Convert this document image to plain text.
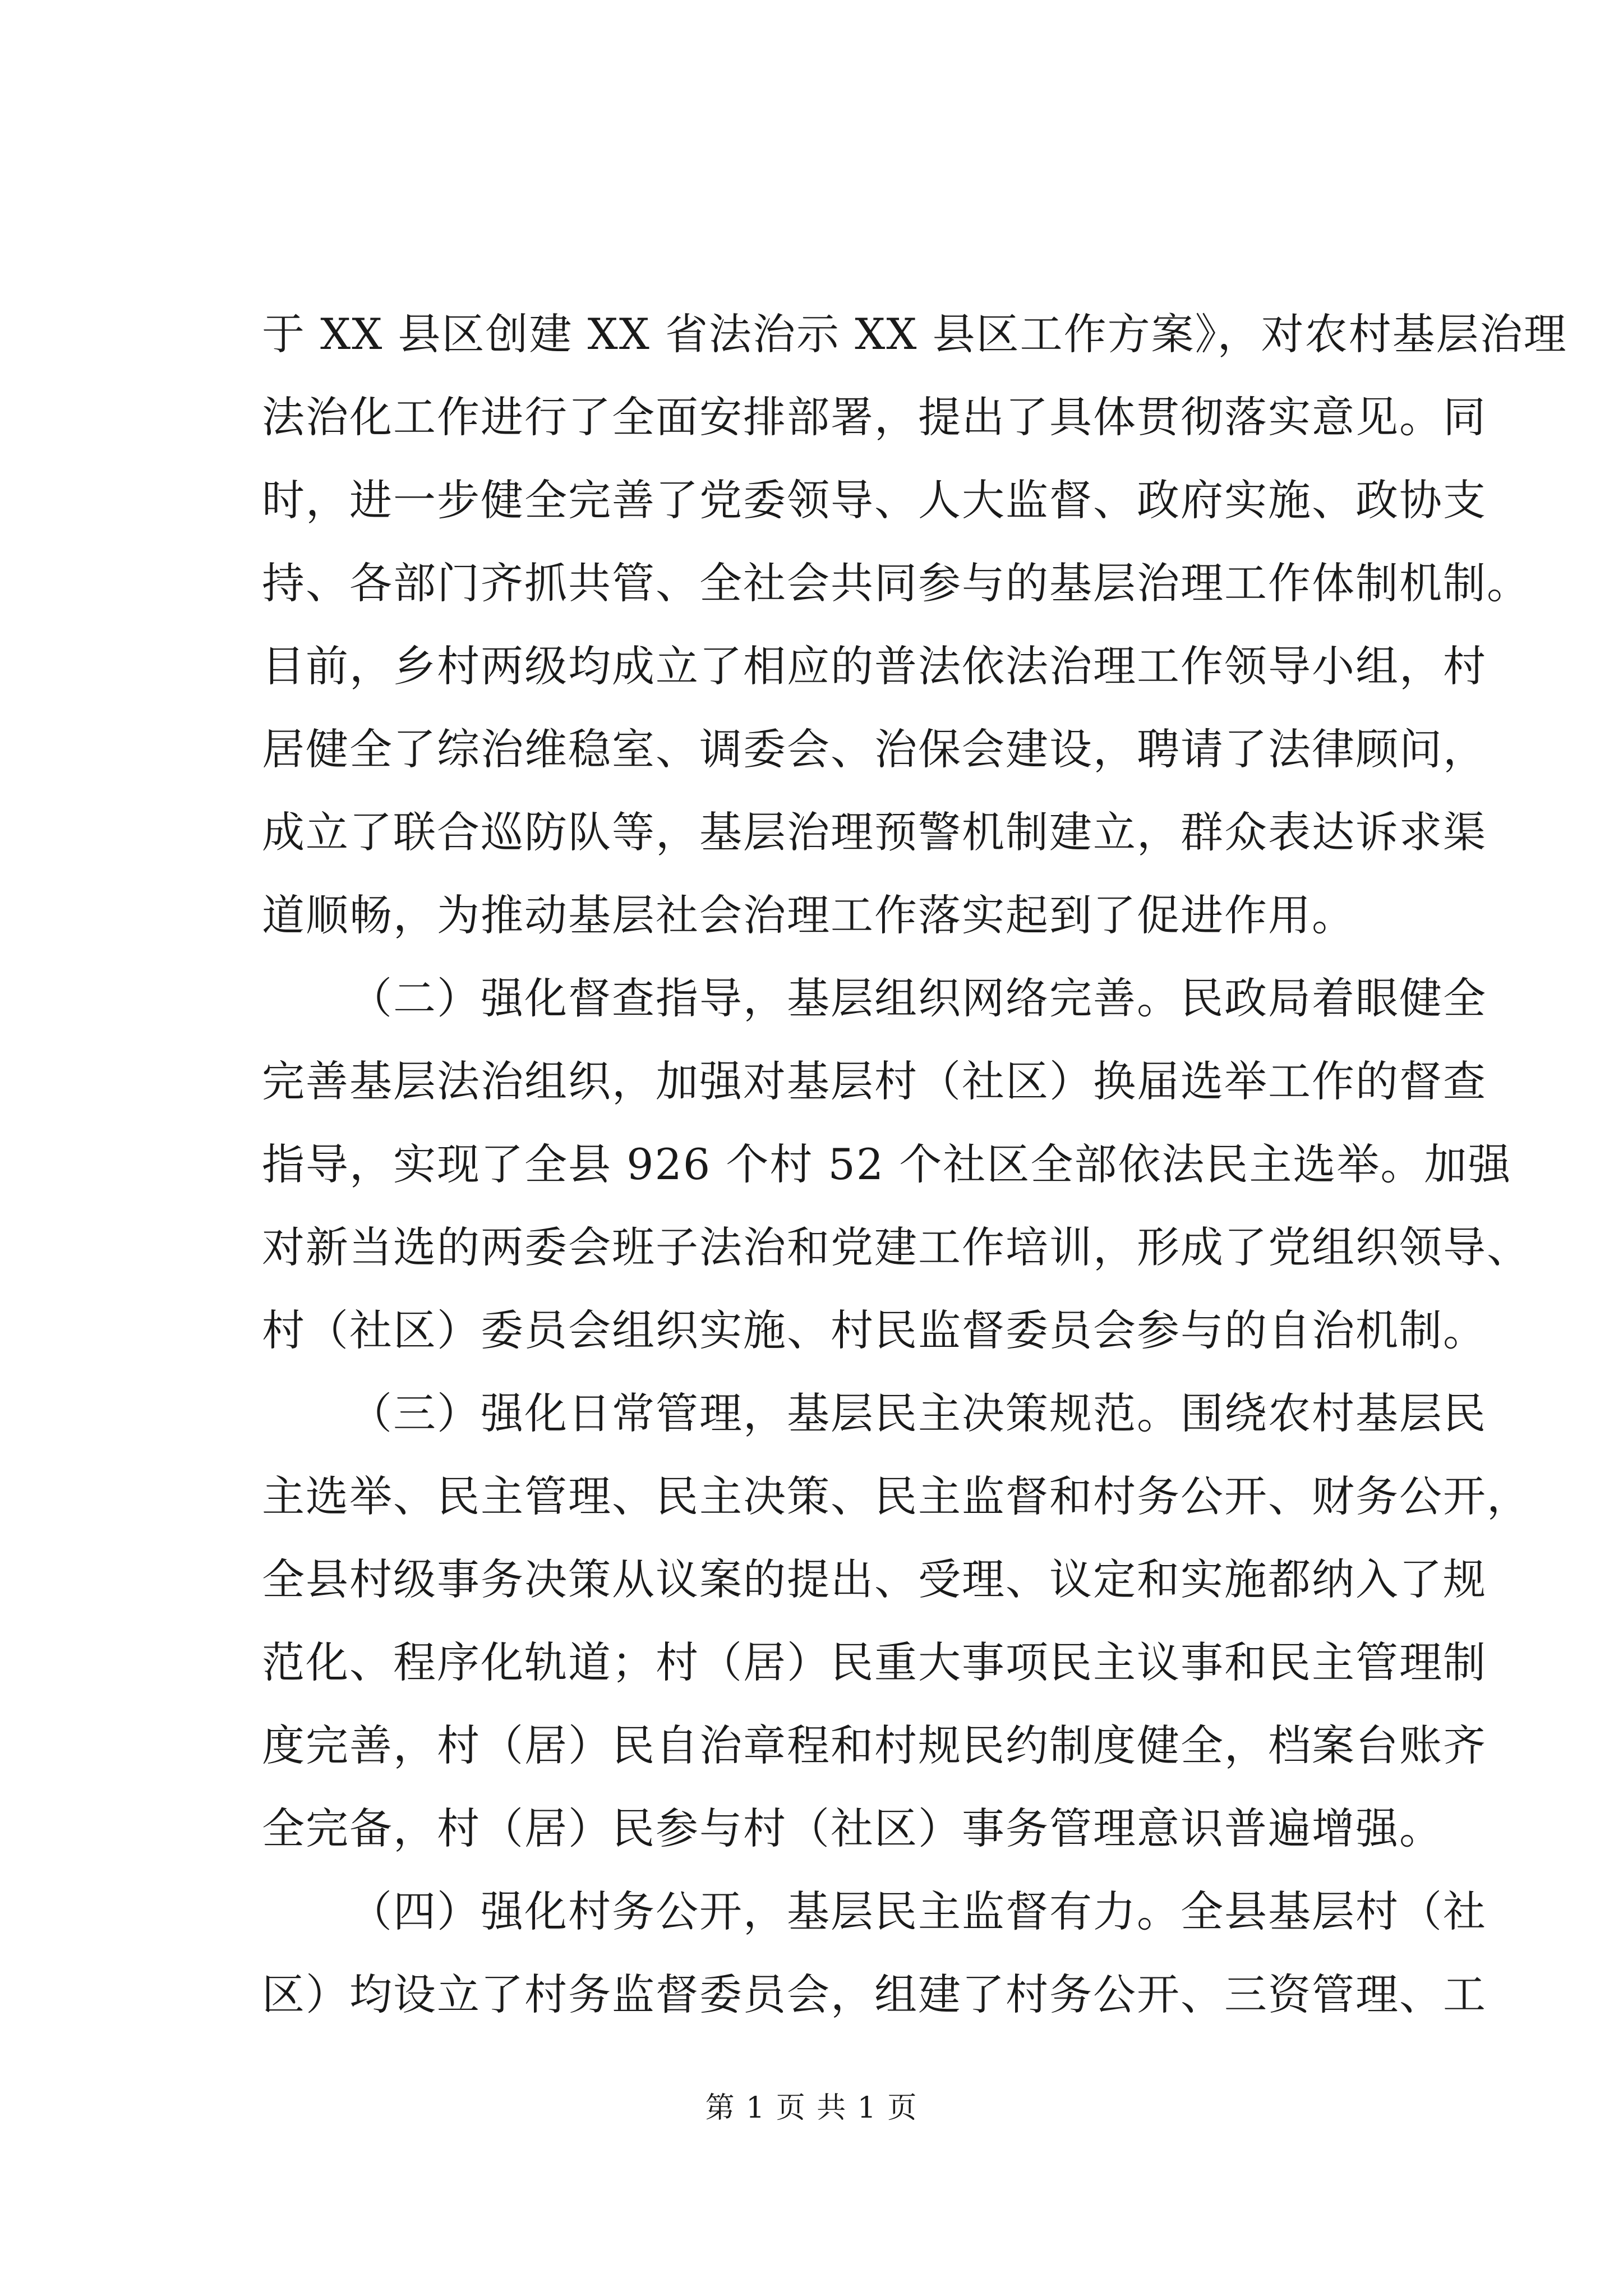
于 XX 县区创建 XX 省法治示 XX 县区工作方案》，对农村基层治理
法治化工作进行了全面安排部署，提出了具体贯彻落实意见。同
时，进一步健全完善了党委领导、人大监督、政府实施、政协支
持、各部门齐抓共管、全社会共同参与的基层治理工作体制机制。
目前，乡村两级均成立了相应的普法依法治理工作领导小组，村
居健全了综治维稳室、调委会、治保会建设，聘请了法律顾问，
成立了联合巡防队等，基层治理预警机制建立，群众表达诉求渠
道顺畅，为推动基层社会治理工作落实起到了促进作用。
（二）强化督查指导，基层组织网络完善。民政局着眼健全
完善基层法治组织，加强对基层村（社区）换届选举工作的督查
指导，实现了全县 926 个村 52 个社区全部依法民主选举。加强
对新当选的两委会班子法治和党建工作培训，形成了党组织领导、
村（社区）委员会组织实施、村民监督委员会参与的自治机制。
（三）强化日常管理，基层民主决策规范。围绕农村基层民
主选举、民主管理、民主决策、民主监督和村务公开、财务公开，
全县村级事务决策从议案的提出、受理、议定和实施都纳入了规
范化、程序化轨道；村（居）民重大事项民主议事和民主管理制
度完善，村（居）民自治章程和村规民约制度健全，档案台账齐
全完备，村（居）民参与村（社区）事务管理意识普遍增强。
（四）强化村务公开，基层民主监督有力。全县基层村（社
区）均设立了村务监督委员会，组建了村务公开、三资管理、工
第 1 页 共 1 页
